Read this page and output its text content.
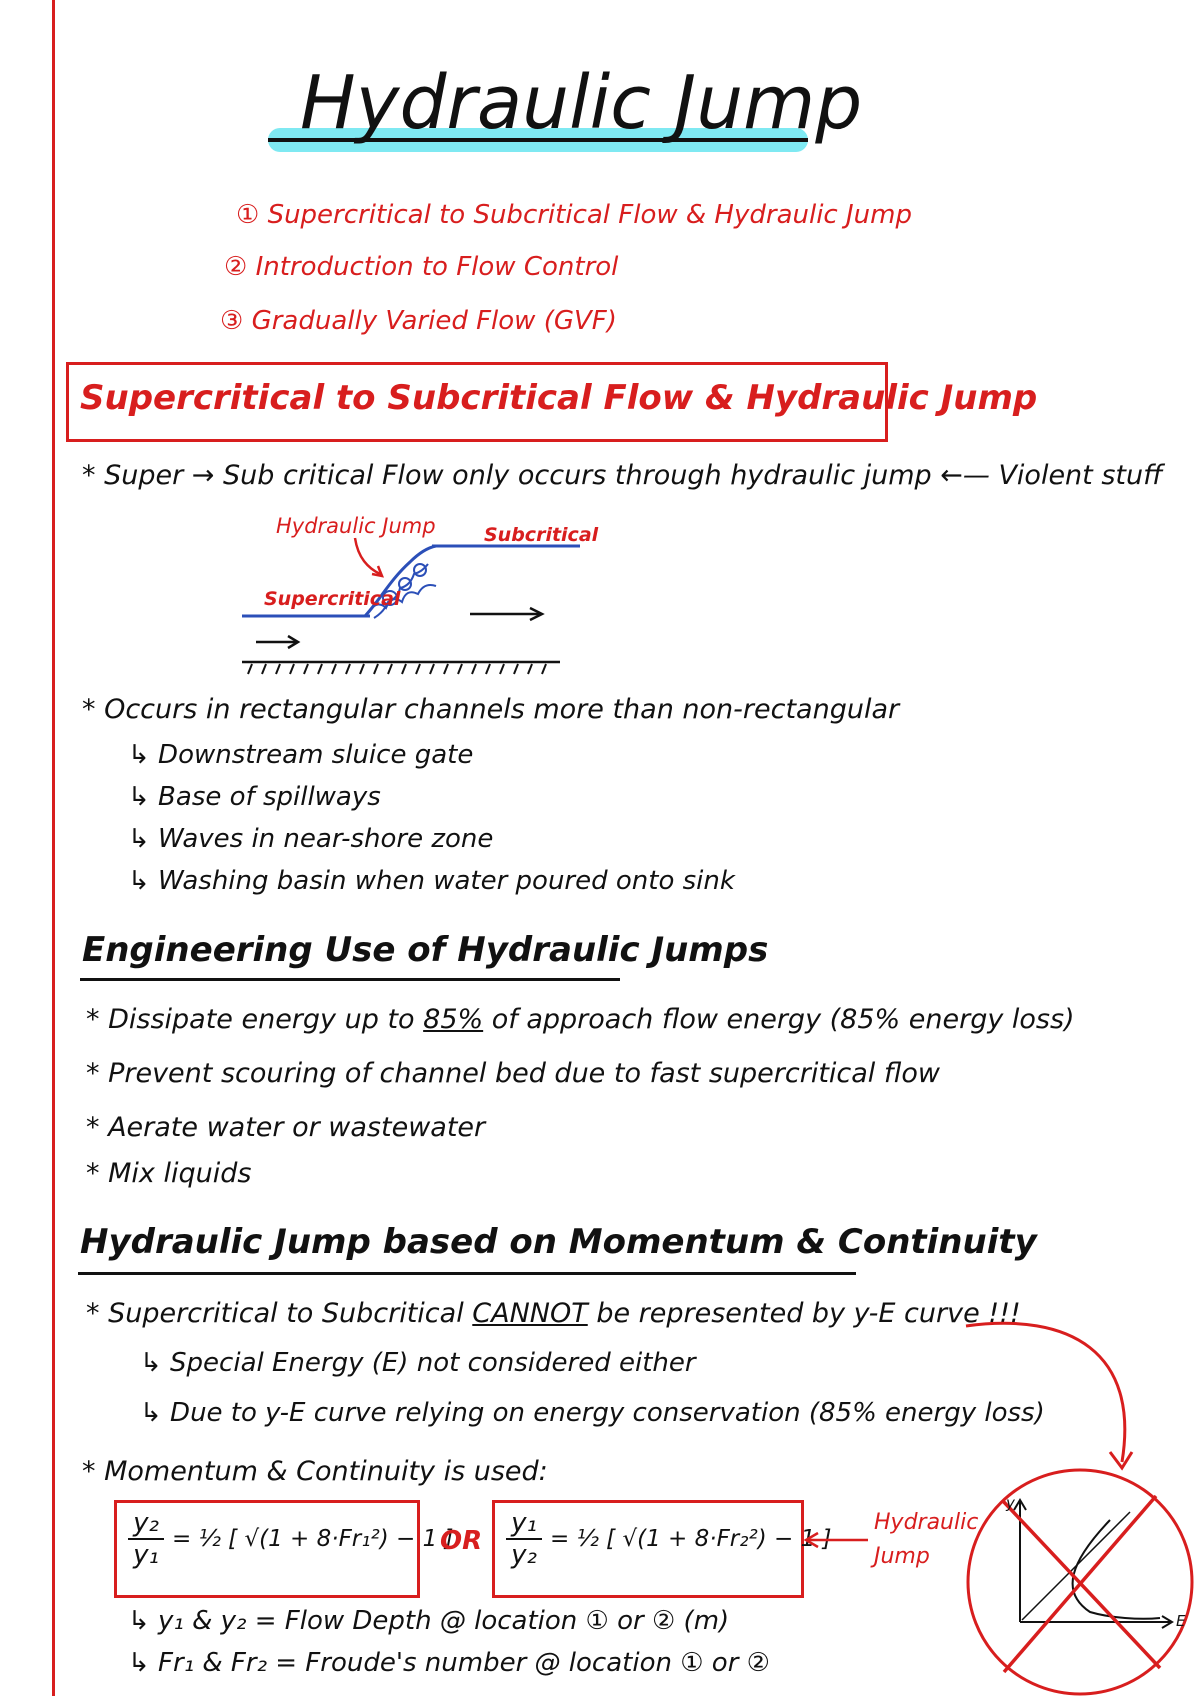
Hydraulic Jump
① Supercritical to Subcritical Flow & Hydraulic Jump
② Introduction to Flow Control
③ Gradually Varied Flow (GVF)
Supercritical to Subcritical Flow & Hydraulic Jump
* Super → Sub critical Flow only occurs through hydraulic jump ←— Violent stuff
Hydraulic Jump	Subcritical
Supercritical
* Occurs in rectangular channels more than non-rectangular
↳ Downstream sluice gate
↳ Base of spillways
↳ Waves in near-shore zone
↳ Washing basin when water poured onto sink
Engineering Use of Hydraulic Jumps
* Dissipate energy up to 85% of approach flow energy (85% energy loss)
* Prevent scouring of channel bed due to fast supercritical flow
* Aerate water or wastewater
* Mix liquids
Hydraulic Jump based on Momentum & Continuity
* Supercritical to Subcritical CANNOT be represented by y-E curve !!!
↳ Special Energy (E) not considered either
↳ Due to y-E curve relying on energy conservation (85% energy loss)
* Momentum & Continuity is used:
y₂
y₁
= ½ [ √(1 + 8·Fr₁²) − 1 ]
OR
y₁
y₂
= ½ [ √(1 + 8·Fr₂²) − 1 ]
Hydraulic Jump
↳ y₁ & y₂ = Flow Depth @ location ① or ② (m)
↳ Fr₁ & Fr₂ = Froude's number @ location ① or ②
y
E
